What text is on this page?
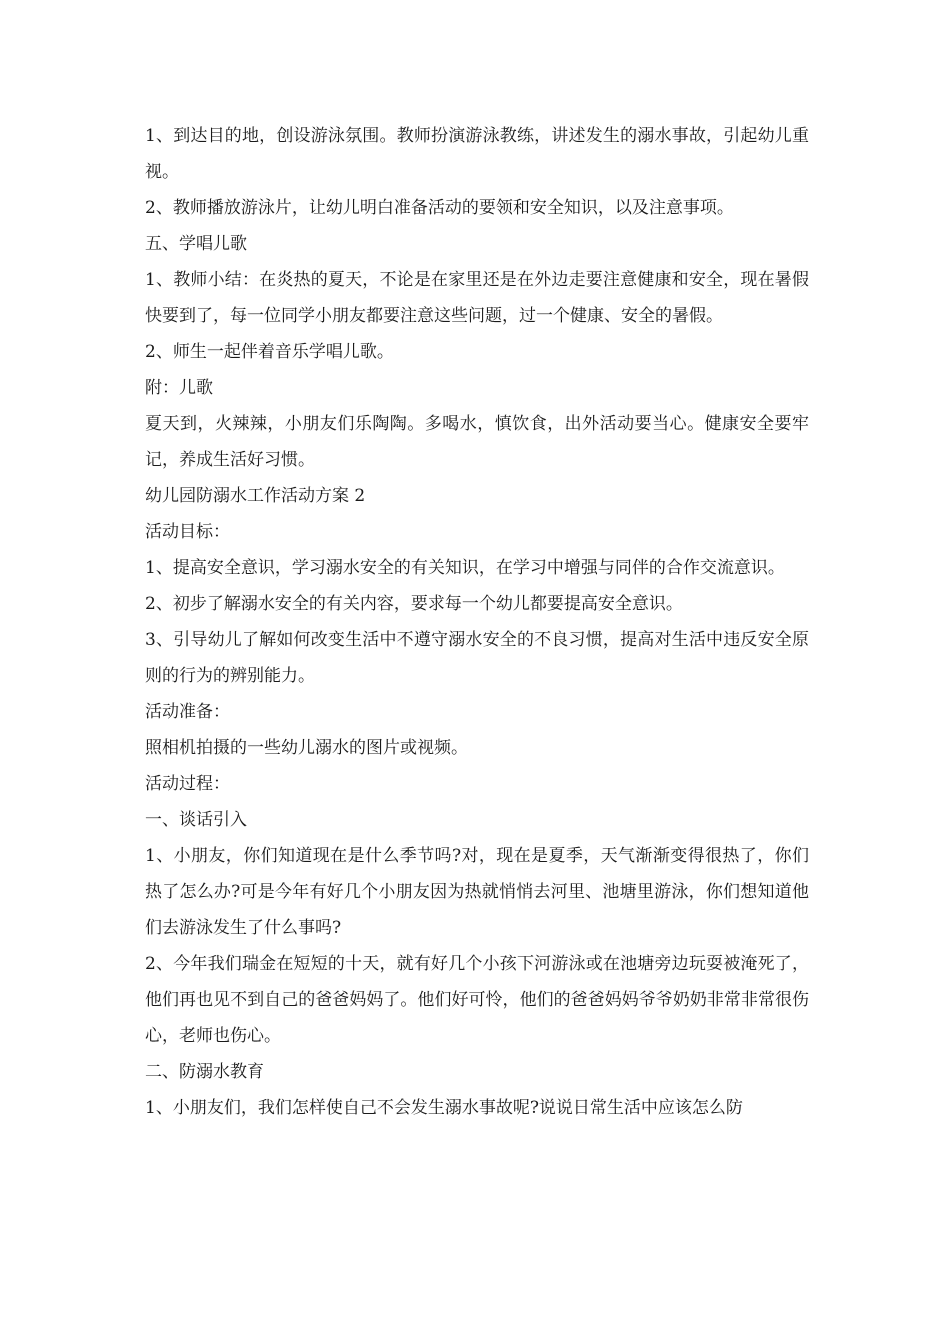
1、到达目的地，创设游泳氛围。教师扮演游泳教练，讲述发生的溺水事故，引起幼儿重视。

2、教师播放游泳片，让幼儿明白准备活动的要领和安全知识，以及注意事项。

五、学唱儿歌

1、教师小结：在炎热的夏天，不论是在家里还是在外边走要注意健康和安全，现在暑假快要到了，每一位同学小朋友都要注意这些问题，过一个健康、安全的暑假。

2、师生一起伴着音乐学唱儿歌。

附：儿歌

夏天到，火辣辣，小朋友们乐陶陶。多喝水，慎饮食，出外活动要当心。健康安全要牢记，养成生活好习惯。

幼儿园防溺水工作活动方案 2

活动目标：

1、提高安全意识，学习溺水安全的有关知识，在学习中增强与同伴的合作交流意识。

2、初步了解溺水安全的有关内容，要求每一个幼儿都要提高安全意识。

3、引导幼儿了解如何改变生活中不遵守溺水安全的不良习惯，提高对生活中违反安全原则的行为的辨别能力。

活动准备：

照相机拍摄的一些幼儿溺水的图片或视频。

活动过程：

一、谈话引入

1、小朋友，你们知道现在是什么季节吗?对，现在是夏季，天气渐渐变得很热了，你们热了怎么办?可是今年有好几个小朋友因为热就悄悄去河里、池塘里游泳，你们想知道他们去游泳发生了什么事吗?

2、今年我们瑞金在短短的十天，就有好几个小孩下河游泳或在池塘旁边玩耍被淹死了，他们再也见不到自己的爸爸妈妈了。他们好可怜，他们的爸爸妈妈爷爷奶奶非常非常很伤心，老师也伤心。

二、防溺水教育

1、小朋友们，我们怎样使自己不会发生溺水事故呢?说说日常生活中应该怎么防
